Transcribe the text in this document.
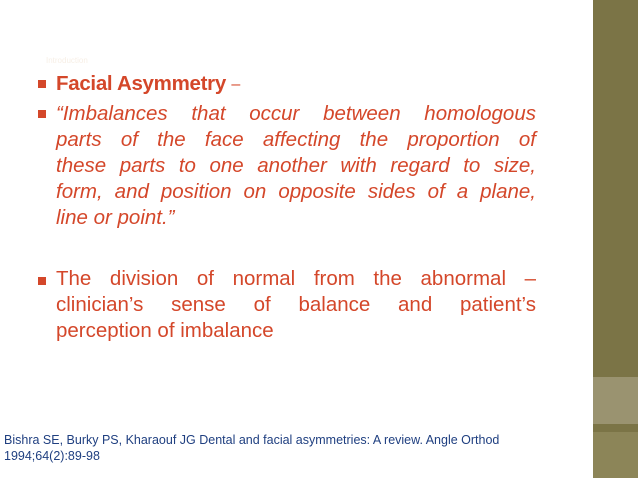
Introduction
Facial Asymmetry –
“Imbalances that occur between homologous
parts of the face affecting the proportion of
these parts to one another with regard to size,
form, and position on opposite sides of a plane,
line or point.”
The division of normal from the abnormal –
clinician’s sense of balance and patient’s
perception of imbalance
Bishra SE, Burky PS, Kharaouf JG Dental and facial asymmetries: A review. Angle Orthod
1994;64(2):89-98
